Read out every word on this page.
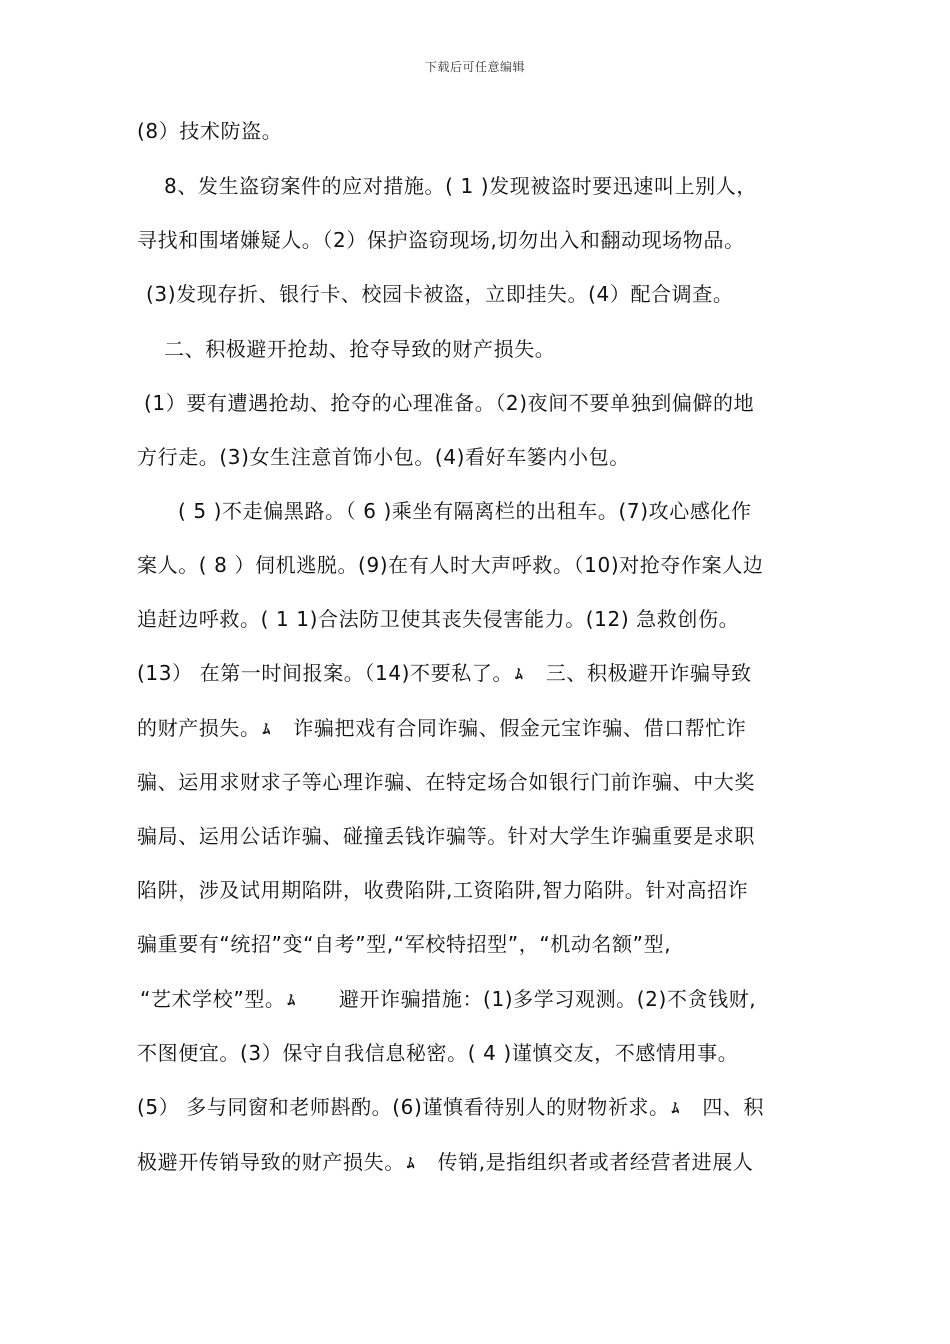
下载后可任意编辑
(8）技术防盗。
8、发生盗窃案件的应对措施。( 1 )发现被盗时要迅速叫上别人，
寻找和围堵嫌疑人。（2）保护盗窃现场,切勿出入和翻动现场物品。
(3)发现存折、银行卡、校园卡被盗，立即挂失。(4）配合调查。
二、积极避开抢劫、抢夺导致的财产损失。
(1）要有遭遇抢劫、抢夺的心理准备。（2)夜间不要单独到偏僻的地
方行走。(3)女生注意首饰小包。(4)看好车篓内小包。
( 5 )不走偏黑路。（ 6 )乘坐有隔离栏的出租车。(7)攻心感化作
案人。( 8 ）伺机逃脱。(9)在有人时大声呼救。（10)对抢夺作案人边
追赶边呼救。( 1 1)合法防卫使其丧失侵害能力。(12) 急救创伤。
(13） 在第一时间报案。（14)不要私了。 ﾑ　三、积极避开诈骗导致
的财产损失。 ﾑ　诈骗把戏有合同诈骗、假金元宝诈骗、借口帮忙诈
骗、运用求财求子等心理诈骗、在特定场合如银行门前诈骗、中大奖
骗局、运用公话诈骗、碰撞丢钱诈骗等。针对大学生诈骗重要是求职
陷阱，涉及试用期陷阱，收费陷阱,工资陷阱,智力陷阱。针对高招诈
骗重要有“统招”变“自考”型,“军校特招型”，“机动名额”型,
“艺术学校”型。 ﾑ　　避开诈骗措施：(1)多学习观测。(2)不贪钱财,
不图便宜。(3）保守自我信息秘密。( 4 )谨慎交友，不感情用事。
(5） 多与同窗和老师斟酌。(6)谨慎看待别人的财物祈求。 ﾑ　四、积
极避开传销导致的财产损失。 ﾑ　传销,是指组织者或者经营者进展人
